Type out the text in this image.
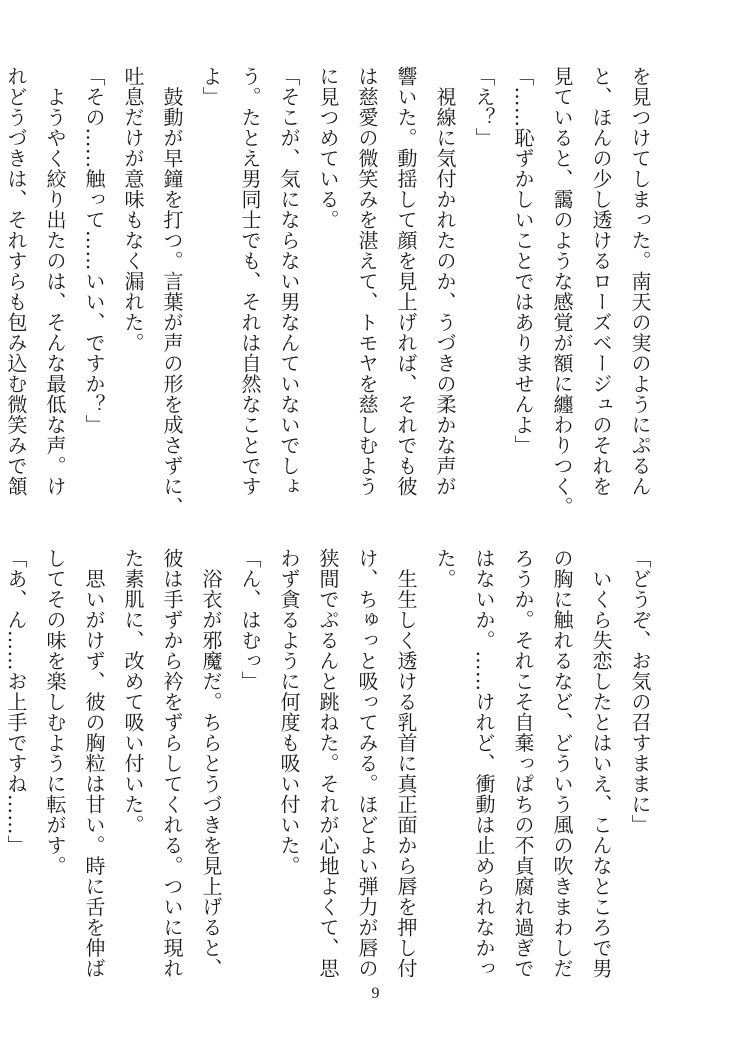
を見つけてしまった。南天の実のようにぷるん
と、ほんの少し透けるローズベージュのそれを
見ていると、靄のような感覚が額に纏わりつく。
「……恥ずかしいことではありませんよ」
「え？」
　視線に気付かれたのか、うづきの柔かな声が
響いた。動揺して顔を見上げれば、それでも彼
は慈愛の微笑みを湛えて、トモヤを慈しむよう
に見つめている。
「そこが、気にならない男なんていないでしょ
う。たとえ男同士でも、それは自然なことです
よ」
　鼓動が早鐘を打つ。言葉が声の形を成さずに、
吐息だけが意味もなく漏れた。
「その……触って……いい、ですか？」
　ようやく絞り出たのは、そんな最低な声。け
れどうづきは、それすらも包み込む微笑みで頷
「どうぞ、お気の召すままに」
　いくら失恋したとはいえ、こんなところで男
の胸に触れるなど、どういう風の吹きまわしだ
ろうか。それこそ自棄っぱちの不貞腐れ過ぎで
はないか。……けれど、衝動は止められなかっ
た。
　生生しく透ける乳首に真正面から唇を押し付
け、ちゅっと吸ってみる。ほどよい弾力が唇の
狭間でぷるんと跳ねた。それが心地よくて、思
わず貪るように何度も吸い付いた。
「ん、はむっ」
　浴衣が邪魔だ。ちらとうづきを見上げると、
彼は手ずから衿をずらしてくれる。ついに現れ
た素肌に、改めて吸い付いた。
　思いがけず、彼の胸粒は甘い。時に舌を伸ば
してその味を楽しむように転がす。
「あ、ん……お上手ですね……」
9
